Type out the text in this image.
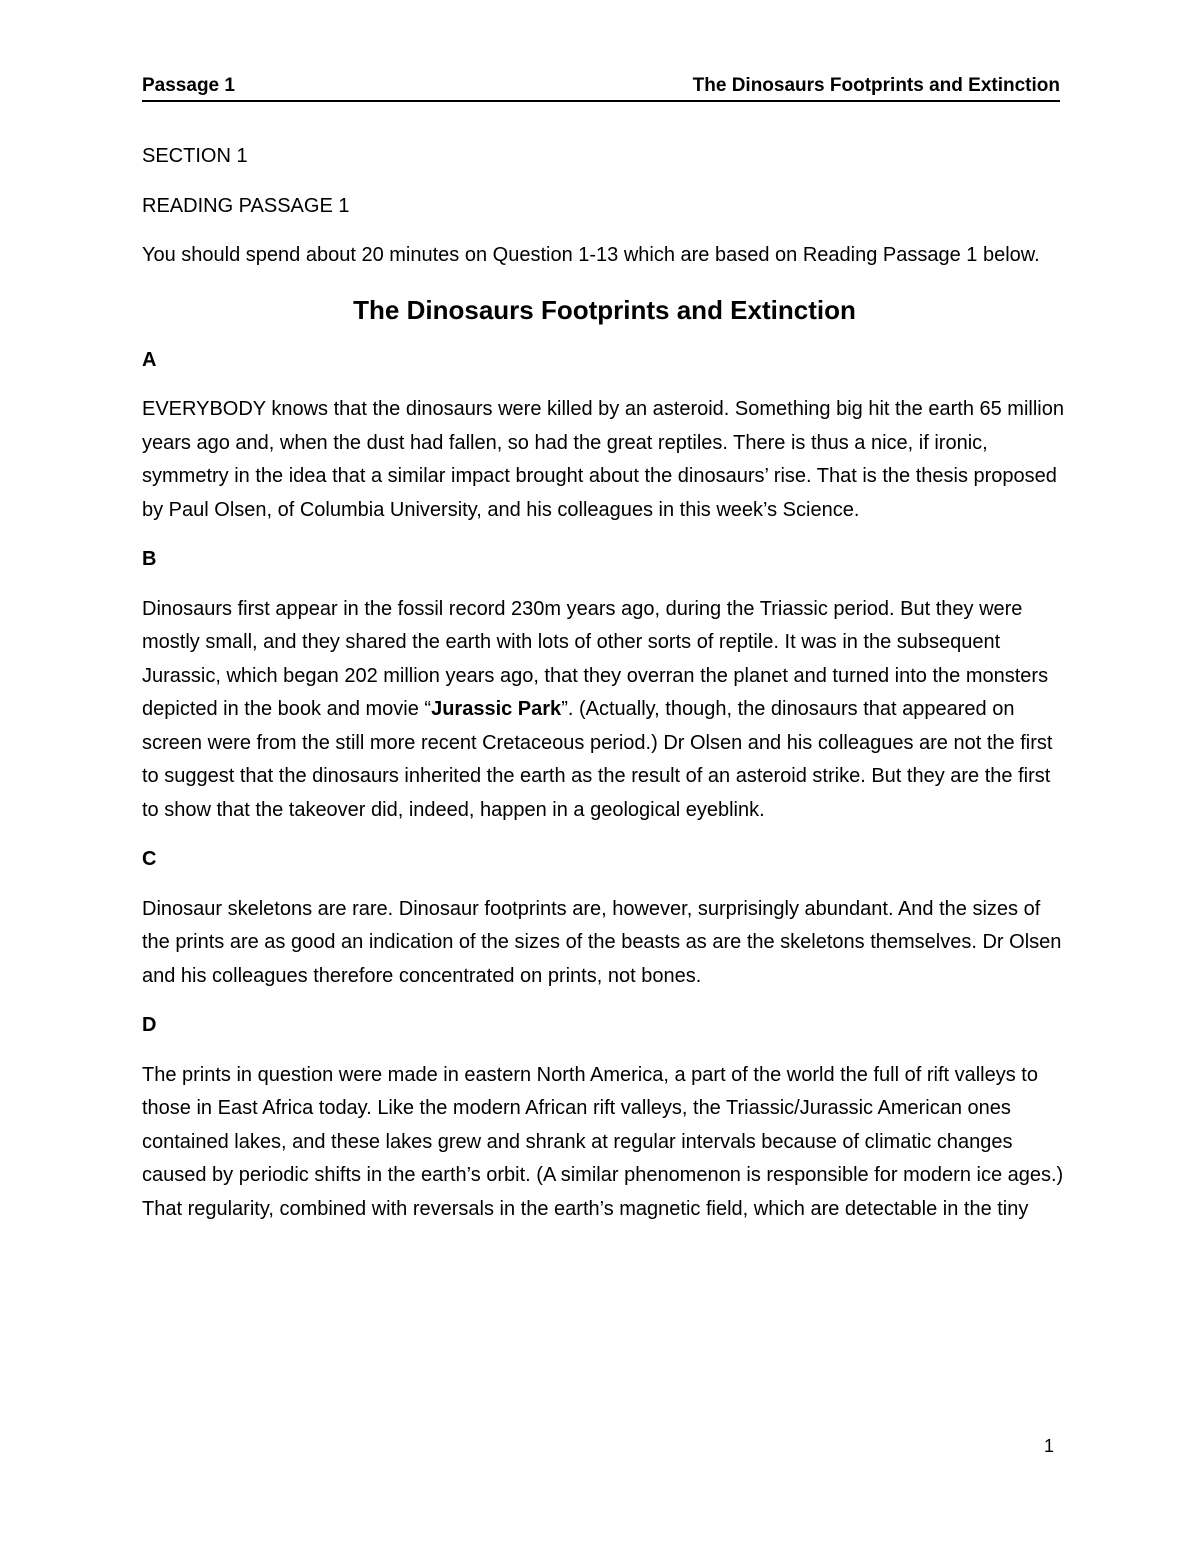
Passage 1	The Dinosaurs Footprints and Extinction

SECTION 1

READING PASSAGE 1

You should spend about 20 minutes on Question 1-13 which are based on Reading Passage 1 below.

The Dinosaurs Footprints and Extinction

A

EVERYBODY knows that the dinosaurs were killed by an asteroid. Something big hit the earth 65 million years ago and, when the dust had fallen, so had the great reptiles. There is thus a nice, if ironic, symmetry in the idea that a similar impact brought about the dinosaurs’ rise. That is the thesis proposed by Paul Olsen, of Columbia University, and his colleagues in this week’s Science.

B

Dinosaurs first appear in the fossil record 230m years ago, during the Triassic period. But they were mostly small, and they shared the earth with lots of other sorts of reptile. It was in the subsequent Jurassic, which began 202 million years ago, that they overran the planet and turned into the monsters depicted in the book and movie “Jurassic Park”. (Actually, though, the dinosaurs that appeared on screen were from the still more recent Cretaceous period.) Dr Olsen and his colleagues are not the first to suggest that the dinosaurs inherited the earth as the result of an asteroid strike. But they are the first to show that the takeover did, indeed, happen in a geological eyeblink.

C

Dinosaur skeletons are rare. Dinosaur footprints are, however, surprisingly abundant. And the sizes of the prints are as good an indication of the sizes of the beasts as are the skeletons themselves. Dr Olsen and his colleagues therefore concentrated on prints, not bones.

D

The prints in question were made in eastern North America, a part of the world the full of rift valleys to those in East Africa today. Like the modern African rift valleys, the Triassic/Jurassic American ones contained lakes, and these lakes grew and shrank at regular intervals because of climatic changes caused by periodic shifts in the earth’s orbit. (A similar phenomenon is responsible for modern ice ages.) That regularity, combined with reversals in the earth’s magnetic field, which are detectable in the tiny

1
